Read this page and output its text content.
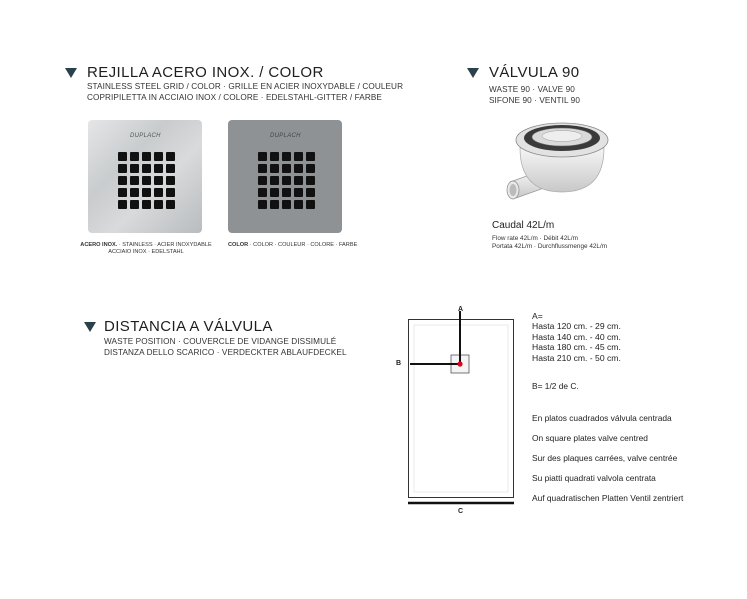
REJILLA ACERO INOX. / COLOR
STAINLESS STEEL GRID / COLOR · GRILLE EN ACIER INOXYDABLE / COULEUR
COPRIPILETTA IN ACCIAIO INOX / COLORE · EDELSTAHL-GITTER / FARBE
DUPLACH
ACERO INOX. · STAINLESS · ACIER INOXYDABLE
ACCIAIO INOX · EDELSTAHL
DUPLACH
COLOR · COLOR · COULEUR · COLORE · FARBE
VÁLVULA 90
WASTE 90 · VALVE 90
SIFONE 90 · VENTIL 90
Caudal 42L/m
Flow rate 42L/m · Débit 42L/m
Portata 42L/m · Durchflussmenge 42L/m
DISTANCIA A VÁLVULA
WASTE POSITION · COUVERCLE DE VIDANGE DISSIMULÉ
DISTANZA DELLO SCARICO · VERDECKTER ABLAUFDECKEL
A
B
C
A=
Hasta 120 cm. - 29 cm.
Hasta 140 cm. - 40 cm.
Hasta 180 cm. - 45 cm.
Hasta 210 cm. - 50 cm.
B= 1/2 de C.
En platos cuadrados válvula centrada
On square plates valve centred
Sur des plaques carrées, valve centrée
Su piatti quadrati valvola centrata
Auf quadratischen Platten Ventil zentriert
